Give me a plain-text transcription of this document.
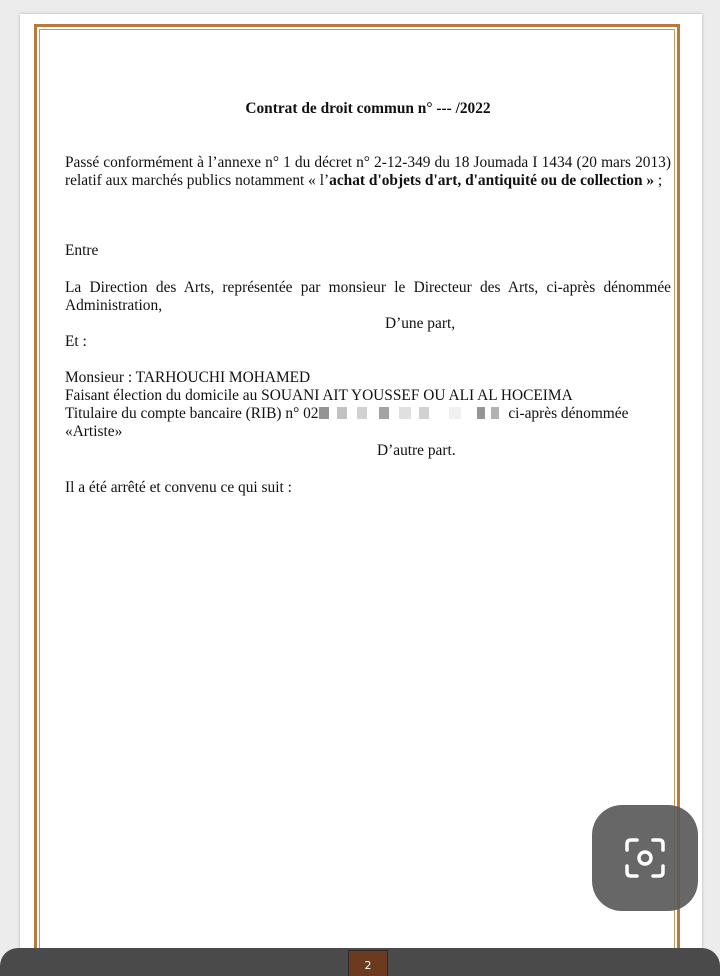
Contrat de droit commun n° --- /2022
Passé conformément à l’annexe n° 1 du décret n° 2-12-349 du 18 Joumada I 1434 (20 mars 2013) relatif aux marchés publics notamment « l’achat d'objets d'art, d'antiquité ou de collection » ;
Entre
La Direction des Arts, représentée par monsieur le Directeur des Arts, ci-après dénommée Administration,
D’une part,
Et :
Monsieur : TARHOUCHI MOHAMED
Faisant élection du domicile au SOUANI AIT YOUSSEF OU ALI AL HOCEIMA
Titulaire du compte bancaire (RIB) n° 02	ci-après dénommée
«Artiste»
D’autre part.
Il a été arrêté et convenu ce qui suit :
2
